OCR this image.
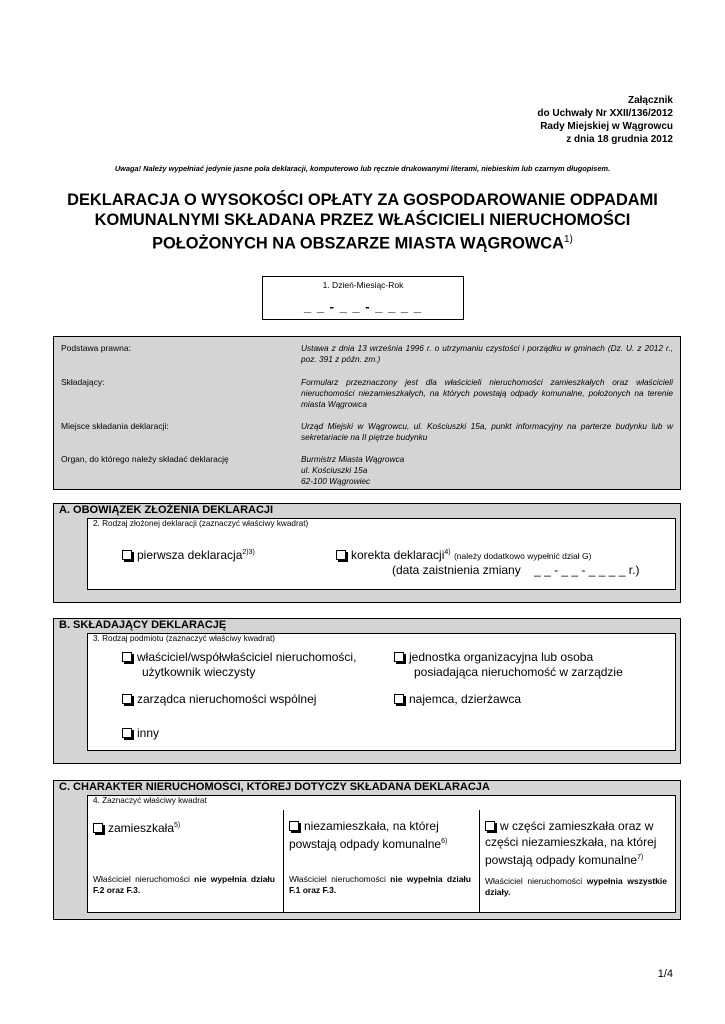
Załącznik
do Uchwały Nr XXII/136/2012
Rady Miejskiej w Wągrowcu
z dnia 18 grudnia 2012
Uwaga! Należy wypełniać jedynie jasne pola deklaracji, komputerowo lub ręcznie drukowanymi literami, niebieskim lub czarnym długopisem.
DEKLARACJA O WYSOKOŚCI OPŁATY ZA GOSPODAROWANIE ODPADAMI
KOMUNALNYMI SKŁADANA PRZEZ WŁAŚCICIELI NIERUCHOMOŚCI
POŁOŻONYCH NA OBSZARZE MIASTA WĄGROWCA$^{1)}$
1. Dzień-Miesiąc-Rok
_ _ - _ _ - _ _ _ _
Podstawa prawna:	Ustawa z dnia 13 września 1996 r. o utrzymaniu czystości i porządku w gminach (Dz. U. z 2012 r., poz. 391 z późn. zm.)
Składający:	Formularz przeznaczony jest dla właścicieli nieruchomości zamieszkałych oraz właścicieli nieruchomości niezamieszkałych, na których powstają odpady komunalne, położonych na terenie miasta Wągrowca
Miejsce składania deklaracji:	Urząd Miejski w Wągrowcu, ul. Kościuszki 15a, punkt informacyjny na parterze budynku lub w sekretariacie na II piętrze budynku
Organ, do którego należy składać deklarację	Burmistrz Miasta Wągrowca
ul. Kościuszki 15a
62-100 Wągrowiec
A. OBOWIĄZEK ZŁOŻENIA DEKLARACJI
2. Rodzaj złożonej deklaracji (zaznaczyć właściwy kwadrat)
pierwsza deklaracja$^{2)3)}$	korekta deklaracji$^{4)}$ (należy dodatkowo wypełnić dział G)
(data zaistnienia zmiany _ _ - _ _ - _ _ _ _ r.)
B. SKŁADAJĄCY DEKLARACJĘ
3. Rodzaj podmiotu (zaznaczyć właściwy kwadrat)
właściciel/współwłaściciel nieruchomości,
użytkownik wieczysty
jednostka organizacyjna lub osoba
posiadająca nieruchomość w zarządzie
zarządca nieruchomości wspólnej	najemca, dzierżawca
inny
C. CHARAKTER NIERUCHOMOŚCI, KTÓREJ DOTYCZY SKŁADANA DEKLARACJA
4. Zaznaczyć właściwy kwadrat
zamieszkała$^{5)}$
Właściciel nieruchomości nie wypełnia działu F.2 oraz F.3.
niezamieszkała, na której
powstają odpady komunalne$^{6)}$
Właściciel nieruchomości nie wypełnia działu F.1 oraz F.3.
w części zamieszkała oraz w
części niezamieszkała, na której
powstają odpady komunalne$^{7)}$
Właściciel nieruchomości wypełnia wszystkie działy.
1/4
